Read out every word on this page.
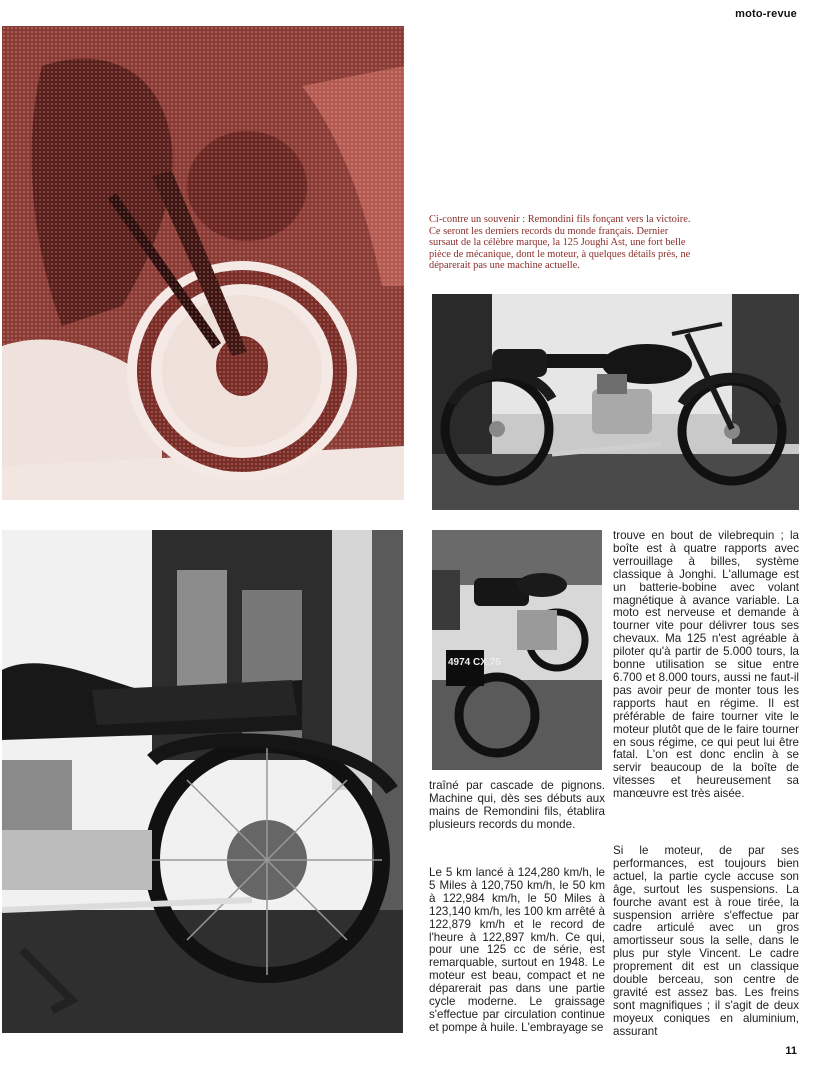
moto-revue

Ci-contre un souvenir : Remondini fils fonçant vers la victoire. Ce seront les derniers records du monde français. Dernier sursaut de la célèbre marque, la 125 Joughi Ast, une fort belle pièce de mécanique, dont le moteur, à quelques détails près, ne déparerait pas une machine actuelle.

4974 CX.75

traîné par cascade de pignons. Machine qui, dès ses débuts aux mains de Remondini fils, établira plusieurs records du monde.

Le 5 km lancé à 124,280 km/h, le 5 Miles à 120,750 km/h, le 50 km à 122,984 km/h, le 50 Miles à 123,140 km/h, les 100 km arrêté à 122,879 km/h et le record de l'heure à 122,897 km/h. Ce qui, pour une 125 cc de série, est remarquable, surtout en 1948. Le moteur est beau, compact et ne déparerait pas dans une partie cycle moderne. Le graissage s'effectue par circulation continue et pompe à huile. L'embrayage se

trouve en bout de vilebrequin ; la boîte est à quatre rapports avec verrouillage à billes, système classique à Jonghi. L'allumage est un batterie-bobine avec volant magnétique à avance variable. La moto est nerveuse et demande à tourner vite pour délivrer tous ses chevaux. Ma 125 n'est agréable à piloter qu'à partir de 5.000 tours, la bonne utilisation se situe entre 6.700 et 8.000 tours, aussi ne faut-il pas avoir peur de monter tous les rapports haut en régime. Il est préférable de faire tourner vite le moteur plutôt que de le faire tourner en sous régime, ce qui peut lui être fatal. L'on est donc enclin à se servir beaucoup de la boîte de vitesses et heureusement sa manœuvre est très aisée.

Si le moteur, de par ses performances, est toujours bien actuel, la partie cycle accuse son âge, surtout les suspensions. La fourche avant est à roue tirée, la suspension arrière s'effectue par cadre articulé avec un gros amortisseur sous la selle, dans le plus pur style Vincent. Le cadre proprement dit est un classique double berceau, son centre de gravité est assez bas. Les freins sont magnifiques ; il s'agit de deux moyeux coniques en aluminium, assurant

11
